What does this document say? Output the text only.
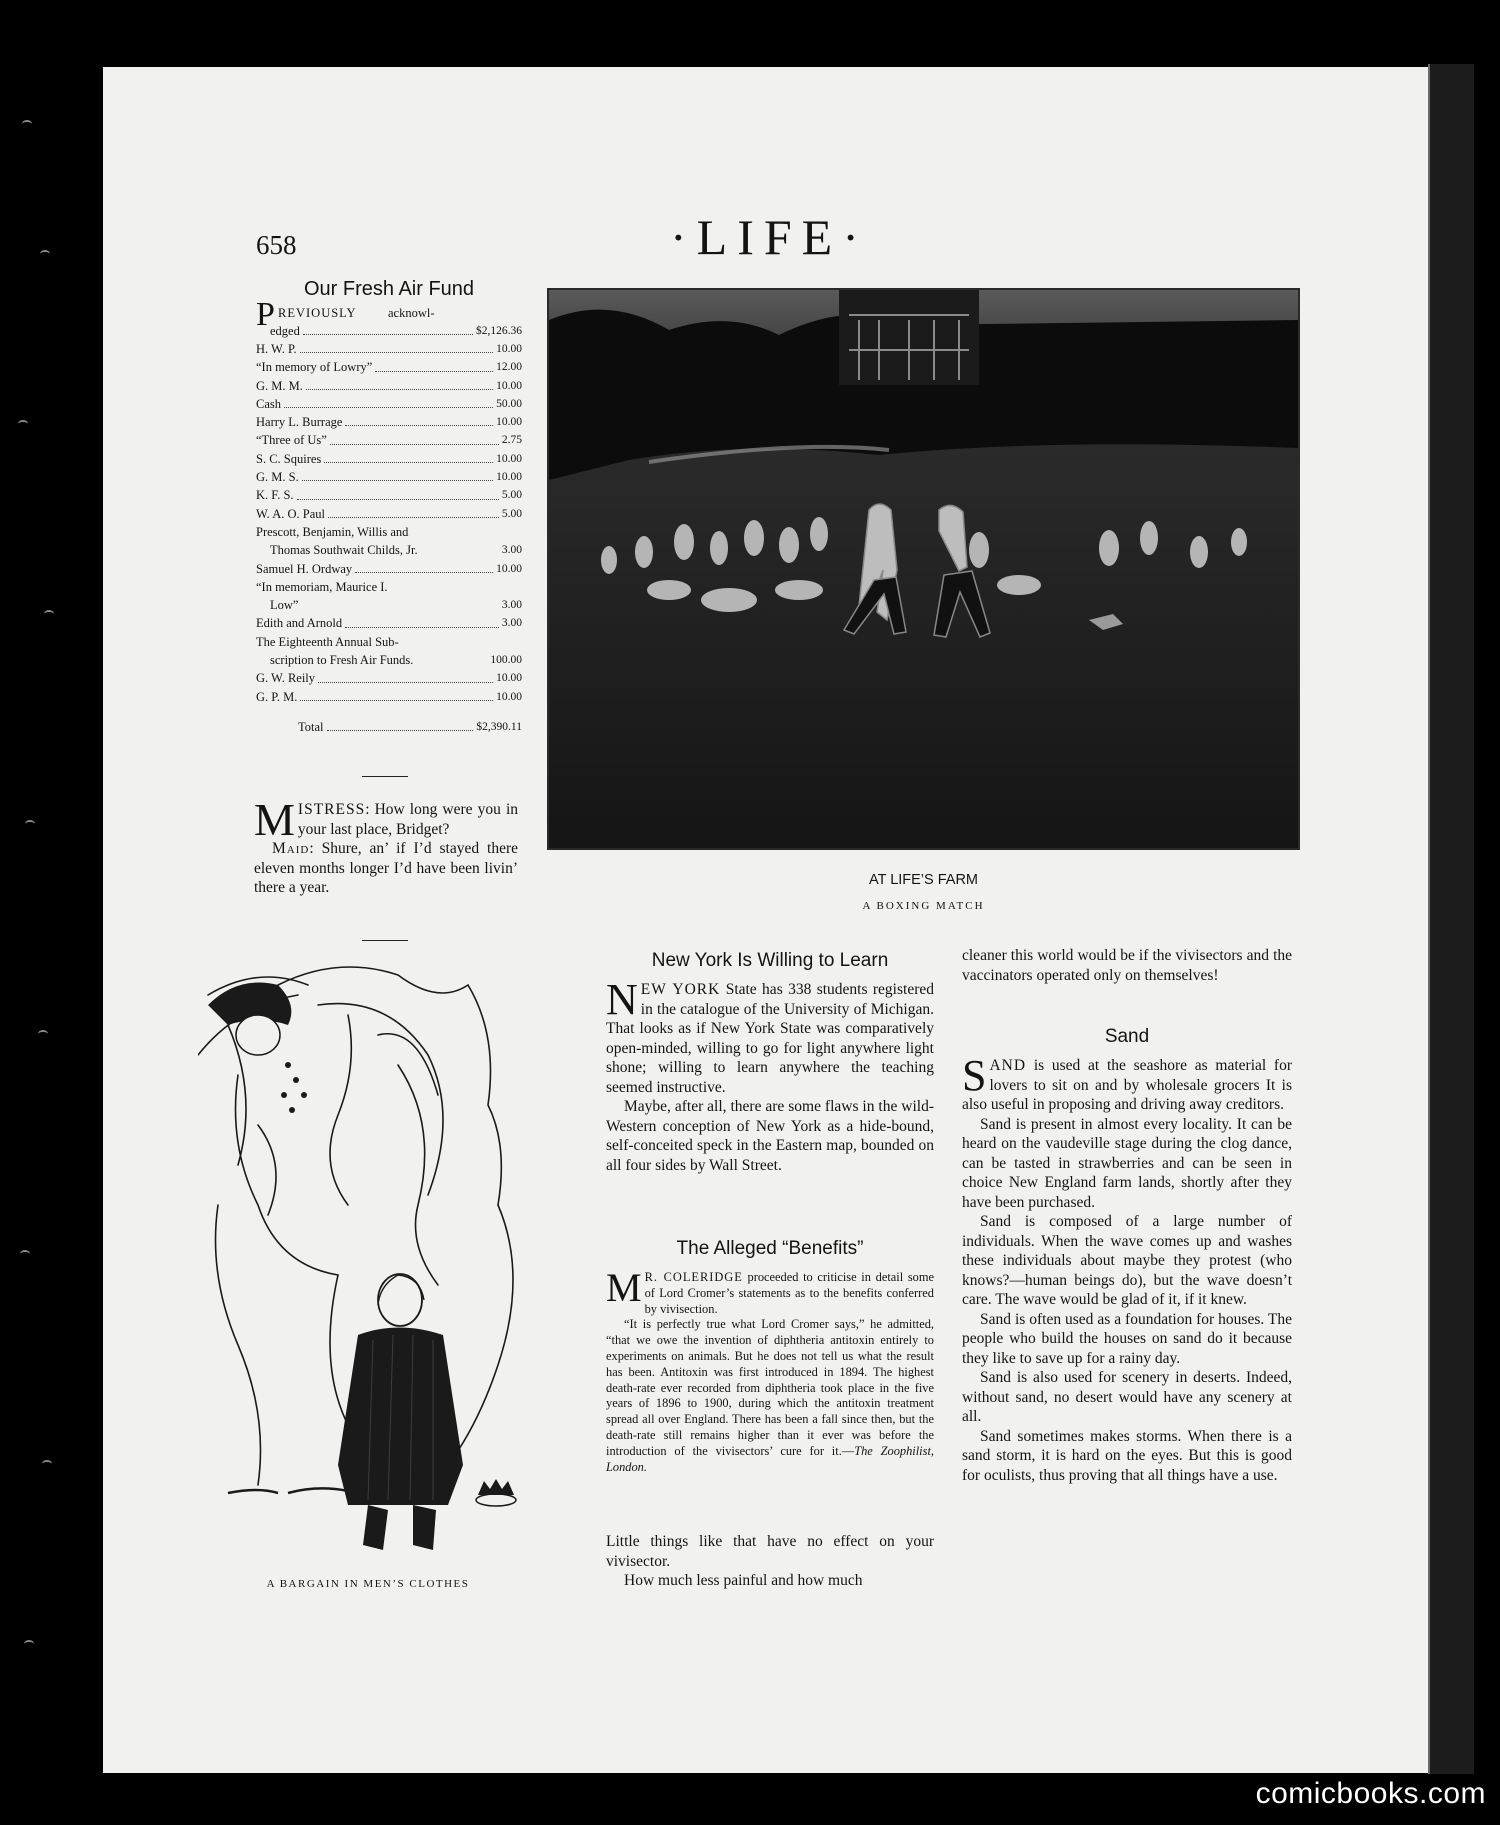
658	·LIFE·
Our Fresh Air Fund
P REVIOUSLY	acknowl-
edged	$2,126.36
H. W. P.	10.00
“In memory of Lowry”	12.00
G. M. M.	10.00
Cash	50.00
Harry L. Burrage	10.00
“Three of Us”	2.75
S. C. Squires	10.00
G. M. S.	10.00
K. F. S.	5.00
W. A. O. Paul	5.00
Prescott, Benjamin, Willis and
Thomas Southwait Childs, Jr.	3.00
Samuel H. Ordway	10.00
“In memoriam, Maurice I.
Low”	3.00
Edith and Arnold	3.00
The Eighteenth Annual Sub-
scription to Fresh Air Funds.	100.00
G. W. Reily	10.00
G. P. M.	10.00
Total	$2,390.11

MISTRESS: How long were you in your last place, Bridget?

Maid: Shure, an’ if I’d stayed there eleven months longer I’d have been livin’ there a year.	AT LIFE’S FARM
A BOXING MATCH
A BARGAIN IN MEN’S CLOTHES
New York Is Willing to Learn

NEW YORK State has 338 students registered in the catalogue of the University of Michigan. That looks as if New York State was comparatively open-minded, willing to go for light anywhere light shone; willing to learn anywhere the teaching seemed instructive.

Maybe, after all, there are some flaws in the wild-Western conception of New York as a hide-bound, self-conceited speck in the Eastern map, bounded on all four sides by Wall Street.

The Alleged “Benefits”

M R. COLERIDGE proceeded to criticise in detail some of Lord Cromer’s statements as to the benefits conferred by vivisection.

“It is perfectly true what Lord Cromer says,” he admitted, “that we owe the invention of diphtheria antitoxin entirely to experiments on animals. But he does not tell us what the result has been. Antitoxin was first introduced in 1894. The highest death-rate ever recorded from diphtheria took place in the five years of 1896 to 1900, during which the antitoxin treatment spread all over England. There has been a fall since then, but the death-rate still remains higher than it ever was before the introduction of the vivisectors’ cure for it.—The Zoophilist, London.

Little things like that have no effect on your vivisector.

How much less painful and how much

cleaner this world would be if the vivisectors and the vaccinators operated only on themselves!

Sand

SAND is used at the seashore as material for lovers to sit on and by wholesale grocers It is also useful in proposing and driving away creditors.

Sand is present in almost every locality. It can be heard on the vaudeville stage during the clog dance, can be tasted in strawberries and can be seen in choice New England farm lands, shortly after they have been purchased.

Sand is composed of a large number of individuals. When the wave comes up and washes these individuals about maybe they protest (who knows?—human beings do), but the wave doesn’t care. The wave would be glad of it, if it knew.

Sand is often used as a foundation for houses. The people who build the houses on sand do it because they like to save up for a rainy day.

Sand is also used for scenery in deserts. Indeed, without sand, no desert would have any scenery at all.

Sand sometimes makes storms. When there is a sand storm, it is hard on the eyes. But this is good for oculists, thus proving that all things have a use.

comicbooks.com
